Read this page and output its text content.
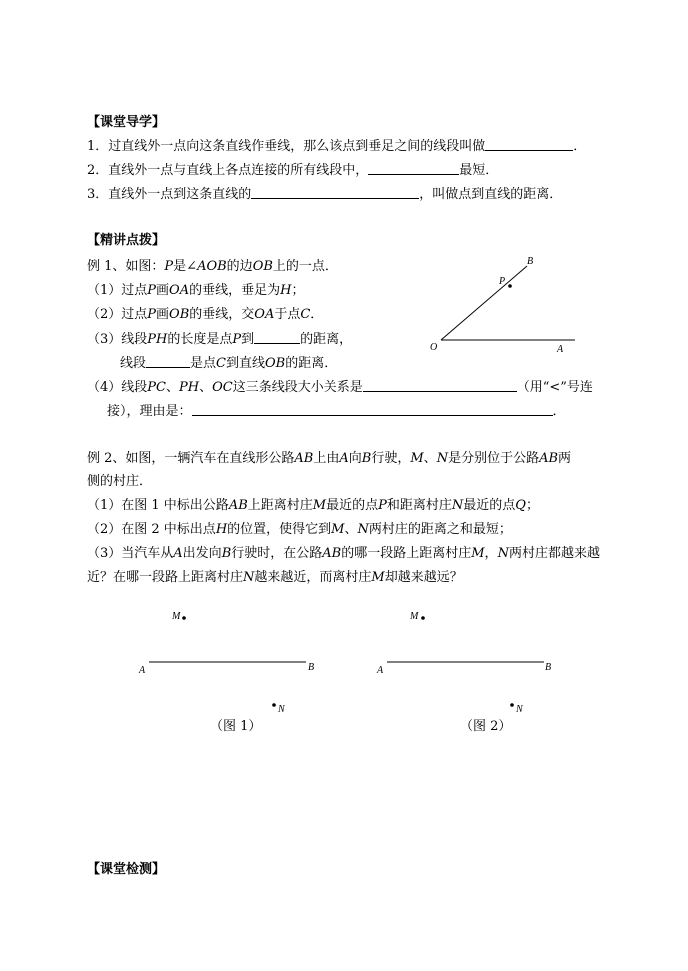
【课堂导学】
1．过直线外一点向这条直线作垂线，那么该点到垂足之间的线段叫做	．
2．直线外一点与直线上各点连接的所有线段中，	最短．
3．直线外一点到这条直线的	，叫做点到直线的距离．
【精讲点拨】
例 1、如图：P是∠AOB的边OB上的一点．
（1）过点P画OA的垂线，垂足为H；
（2）过点P画OB的垂线，交OA于点C．
（3）线段PH的长度是点P到	的距离，
线段	是点C到直线OB的距离．
（4）线段PC、PH、OC这三条线段大小关系是	（用“<”号连
接），理由是：	．
B
P
O	A
例 2、如图，一辆汽车在直线形公路AB上由A向B行驶，M、N是分别位于公路AB两
侧的村庄．
（1）在图 1 中标出公路AB上距离村庄M最近的点P和距离村庄N最近的点Q；
（2）在图 2 中标出点H的位置，使得它到M、N两村庄的距离之和最短；
（3）当汽车从A出发向B行驶时，在公路AB的哪一段路上距离村庄M，N两村庄都越来越
近？在哪一段路上距离村庄N越来越近，而离村庄M却越来越远？
M
A	B
N
M
A	B
N
（图 1）	（图 2）
【课堂检测】
